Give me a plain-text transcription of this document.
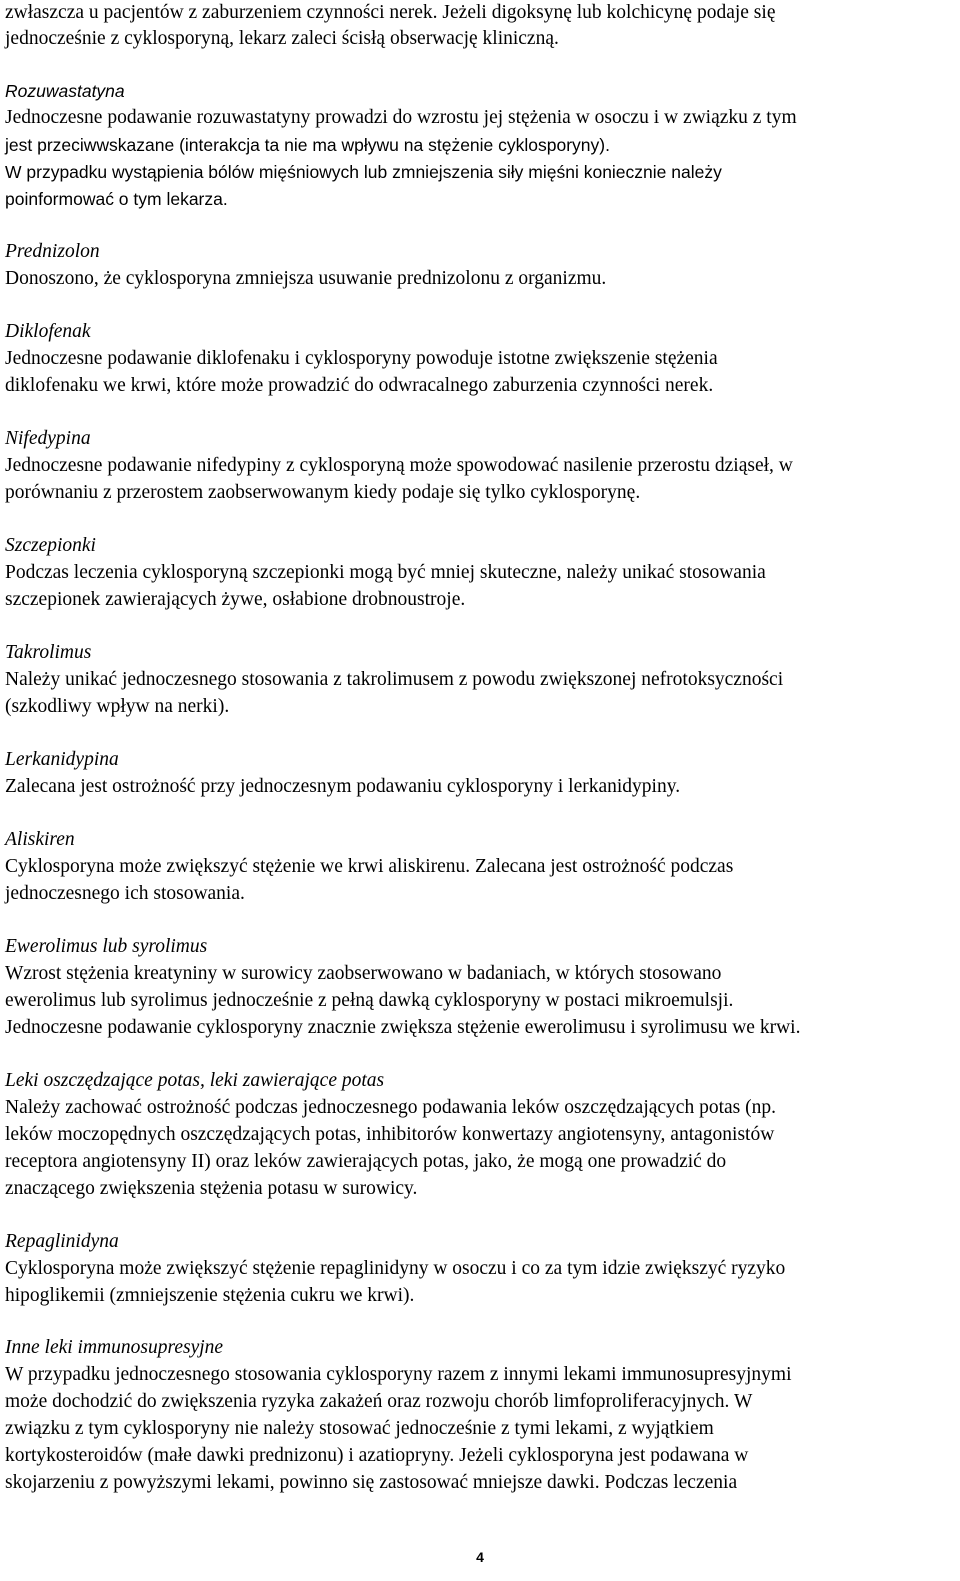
zwłaszcza u pacjentów z zaburzeniem czynności nerek. Jeżeli digoksynę lub kolchicynę podaje się
jednocześnie z cyklosporyną, lekarz zaleci ścisłą obserwację kliniczną.
Rozuwastatyna
Jednoczesne podawanie rozuwastatyny prowadzi do wzrostu jej stężenia w osoczu i w związku z tym
jest przeciwwskazane (interakcja ta nie ma wpływu na stężenie cyklosporyny).
W przypadku wystąpienia bólów mięśniowych lub zmniejszenia siły mięśni koniecznie należy
poinformować o tym lekarza.
Prednizolon
Donoszono, że cyklosporyna zmniejsza usuwanie prednizolonu z organizmu.
Diklofenak
Jednoczesne podawanie diklofenaku i cyklosporyny powoduje istotne zwiększenie stężenia
diklofenaku we krwi, które może prowadzić do odwracalnego zaburzenia czynności nerek.
Nifedypina
Jednoczesne podawanie nifedypiny z cyklosporyną może spowodować nasilenie przerostu dziąseł, w
porównaniu z przerostem zaobserwowanym kiedy podaje się tylko cyklosporynę.
Szczepionki
Podczas leczenia cyklosporyną szczepionki mogą być mniej skuteczne, należy unikać stosowania
szczepionek zawierających żywe, osłabione drobnoustroje.
Takrolimus
Należy unikać jednoczesnego stosowania z takrolimusem z powodu zwiększonej nefrotoksyczności
(szkodliwy wpływ na nerki).
Lerkanidypina
Zalecana jest ostrożność przy jednoczesnym podawaniu cyklosporyny i lerkanidypiny.
Aliskiren
Cyklosporyna może zwiększyć stężenie we krwi aliskirenu. Zalecana jest ostrożność podczas
jednoczesnego ich stosowania.
Ewerolimus lub syrolimus
Wzrost stężenia kreatyniny w surowicy zaobserwowano w badaniach, w których stosowano
ewerolimus lub syrolimus jednocześnie z pełną dawką cyklosporyny w postaci mikroemulsji.
Jednoczesne podawanie cyklosporyny znacznie zwiększa stężenie ewerolimusu i syrolimusu we krwi.
Leki oszczędzające potas, leki zawierające potas
Należy zachować ostrożność podczas jednoczesnego podawania leków oszczędzających potas (np.
leków moczopędnych oszczędzających potas, inhibitorów konwertazy angiotensyny, antagonistów
receptora angiotensyny II) oraz leków zawierających potas, jako, że mogą one prowadzić do
znaczącego zwiększenia stężenia potasu w surowicy.
Repaglinidyna
Cyklosporyna może zwiększyć stężenie repaglinidyny w osoczu i co za tym idzie zwiększyć ryzyko
hipoglikemii (zmniejszenie stężenia cukru we krwi).
Inne leki immunosupresyjne
W przypadku jednoczesnego stosowania cyklosporyny razem z innymi lekami immunosupresyjnymi
może dochodzić do zwiększenia ryzyka zakażeń oraz rozwoju chorób limfoproliferacyjnych. W
związku z tym cyklosporyny nie należy stosować jednocześnie z tymi lekami, z wyjątkiem
kortykosteroidów (małe dawki prednizonu) i azatiopryny. Jeżeli cyklosporyna jest podawana w
skojarzeniu z powyższymi lekami, powinno się zastosować mniejsze dawki. Podczas leczenia
4
